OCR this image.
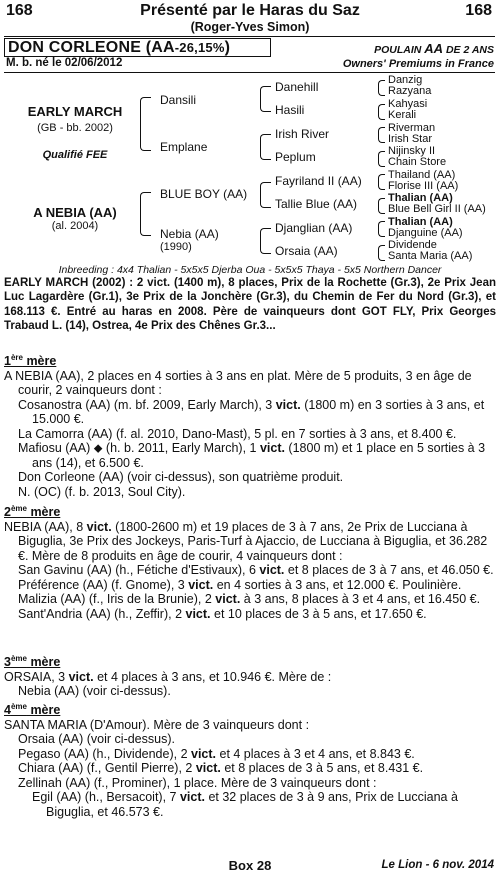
168	Présenté par le Haras du Saz	168
(Roger-Yves Simon)
DON CORLEONE (AA-26,15%)	POULAIN AA DE 2 ANS
M. b. né le 02/06/2012	Owners' Premiums in France
EARLY MARCH
(GB - bb. 2002)
Qualifié FEE
A NEBIA (AA)
(al. 2004)
Dansili
Emplane
BLUE BOY (AA)
Nebia (AA)
(1990)
Danehill
Hasili
Irish River
Peplum
Fayriland II (AA)
Tallie Blue (AA)
Djanglian (AA)
Orsaia (AA)
Danzig
Razyana
Kahyasi
Kerali
Riverman
Irish Star
Nijinsky II
Chain Store
Thailand (AA)
Florise III (AA)
Thalian (AA)
Blue Bell Girl II (AA)
Thalian (AA)
Djanguine (AA)
Dividende
Santa Maria (AA)
Inbreeding : 4x4 Thalian - 5x5x5 Djerba Oua - 5x5x5 Thaya - 5x5 Northern Dancer
EARLY MARCH (2002) : 2 vict. (1400 m), 8 places, Prix de la Rochette (Gr.3), 2e Prix Jean Luc Lagardère (Gr.1), 3e Prix de la Jonchère (Gr.3), du Chemin de Fer du Nord (Gr.3), et 168.113 €. Entré au haras en 2008. Père de vainqueurs dont GOT FLY, Prix Georges Trabaud L. (14), Ostrea, 4e Prix des Chênes Gr.3...
1ère mère

A NEBIA (AA), 2 places en 4 sorties à 3 ans en plat. Mère de 5 produits, 3 en âge de courir, 2 vainqueurs dont :

Cosanostra (AA) (m. bf. 2009, Early March), 3 vict. (1800 m) en 3 sorties à 3 ans, et 15.000 €.

La Camorra (AA) (f. al. 2010, Dano-Mast), 5 pl. en 7 sorties à 3 ans, et 8.400 €.

Mafiosu (AA) ⬥ (h. b. 2011, Early March), 1 vict. (1800 m) et 1 place en 5 sorties à 3 ans (14), et 6.500 €.

Don Corleone (AA) (voir ci-dessus), son quatrième produit.

N. (OC) (f. b. 2013, Soul City).

2ème mère

NEBIA (AA), 8 vict. (1800-2600 m) et 19 places de 3 à 7 ans, 2e Prix de Lucciana à Biguglia, 3e Prix des Jockeys, Paris-Turf à Ajaccio, de Lucciana à Biguglia, et 36.282 €. Mère de 8 produits en âge de courir, 4 vainqueurs dont :

San Gavinu (AA) (h., Fétiche d'Estivaux), 6 vict. et 8 places de 3 à 7 ans, et 46.050 €.

Préférence (AA) (f. Gnome), 3 vict. en 4 sorties à 3 ans, et 12.000 €. Poulinière.

Malizia (AA) (f., Iris de la Brunie), 2 vict. à 3 ans, 8 places à 3 et 4 ans, et 16.450 €.

Sant'Andria (AA) (h., Zeffir), 2 vict. et 10 places de 3 à 5 ans, et 17.650 €.

3ème mère

ORSAIA, 3 vict. et 4 places à 3 ans, et 10.946 €. Mère de :

Nebia (AA) (voir ci-dessus).

4ème mère

SANTA MARIA (D'Amour). Mère de 3 vainqueurs dont :

Orsaia (AA) (voir ci-dessus).

Pegaso (AA) (h., Dividende), 2 vict. et 4 places à 3 et 4 ans, et 8.843 €.

Chiara (AA) (f., Gentil Pierre), 2 vict. et 8 places de 3 à 5 ans, et 8.431 €.

Zellinah (AA) (f., Prominer), 1 place. Mère de 3 vainqueurs dont :

Egil (AA) (h., Bersacoit), 7 vict. et 32 places de 3 à 9 ans, Prix de Lucciana à Biguglia, et 46.573 €.

Box 28	Le Lion - 6 nov. 2014
